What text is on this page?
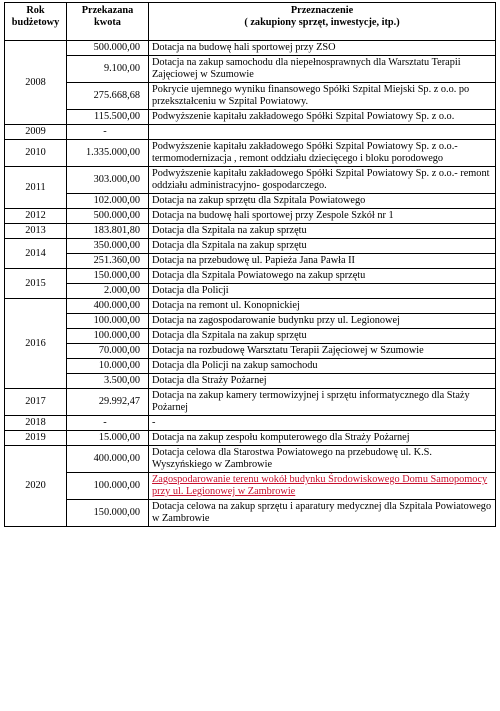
Rok budżetowy	Przekazana kwota	Przeznaczenie
( zakupiony sprzęt, inwestycje, itp.)

2008	500.000,00	Dotacja na budowę hali sportowej przy ZSO
	9.100,00	Dotacja na zakup samochodu dla niepełnosprawnych dla Warsztatu Terapii Zajęciowej w Szumowie
	275.668,68	Pokrycie ujemnego wyniku finansowego Spółki Szpital Miejski Sp. z o.o. po przekształceniu w Szpital Powiatowy.
	115.500,00	Podwyższenie kapitału zakładowego Spółki Szpital Powiatowy Sp. z o.o.
2009	-	
2010	1.335.000,00	Podwyższenie kapitału zakładowego Spółki Szpital Powiatowy Sp. z o.o.- termomodernizacja , remont oddziału dziecięcego i bloku porodowego
2011	303.000,00	Podwyższenie kapitału zakładowego Spółki Szpital Powiatowy Sp. z o.o.- remont oddziału administracyjno- gospodarczego.
	102.000,00	Dotacja na zakup sprzętu dla Szpitala Powiatowego
2012	500.000,00	Dotacja na budowę hali sportowej przy Zespole Szkół nr 1
2013	183.801,80	Dotacja dla Szpitala na zakup sprzętu
2014	350.000,00	Dotacja dla Szpitala na zakup sprzętu
	251.360,00	Dotacja na przebudowę ul. Papieża Jana Pawła II
2015	150.000,00	Dotacja dla Szpitala Powiatowego na zakup sprzętu
	2.000,00	Dotacja dla Policji
2016	400.000,00	Dotacja na remont ul. Konopnickiej
	100.000,00	Dotacja na zagospodarowanie budynku przy ul. Legionowej
	100.000,00	Dotacja dla Szpitala na zakup sprzętu
	70.000,00	Dotacja na rozbudowę Warsztatu Terapii Zajęciowej w Szumowie
	10.000,00	Dotacja dla Policji na zakup samochodu
	3.500,00	Dotacja dla Straży Pożarnej
2017	29.992,47	Dotacja na zakup kamery termowizyjnej i sprzętu informatycznego dla Staży Pożarnej
2018	-	-
2019	15.000,00	Dotacja na zakup zespołu komputerowego dla Straży Pożarnej
2020	400.000,00	Dotacja celowa dla Starostwa Powiatowego na przebudowę ul. K.S. Wyszyńskiego w Zambrowie
	100.000,00	Zagospodarowanie terenu wokół budynku Środowiskowego Domu Samopomocy przy ul. Legionowej w Zambrowie
	150.000,00	Dotacja celowa na zakup sprzętu i aparatury medycznej dla Szpitala Powiatowego w Zambrowie
